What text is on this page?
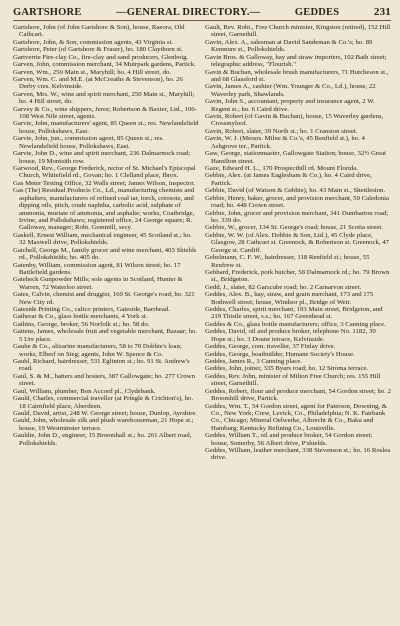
GARTSHORE	—GENERAL DIRECTORY.—	GEDDES	231

Gartshore, John (of John Gartshore & Son), house, Raeora, Old Cathcart.

Gartshore, John, & Son, commission agents, 43 Virginia st.

Gartshore, Peter (of Gartshore & Fraser), ho. 180 Claythorn st.

Gartverrie Fire-clay Co., fire-clay and sand producers, Glenboig.

Garven, John, commission merchant, 34 Muirpark gardens, Partick.

Garven, Wm., 250 Main st., Maryhill; ho. 4 Hill street, do.

Garven, Wm. C. and M.E. (at McCreaths & Stevenson), ho. 26 Derby cres. Kelvinside.

Garven, Mrs. W., wine and spirit merchant, 250 Main st., Maryhill; ho. 4 Hill street, do.

Garvey & Co., wine shippers, Jerez; Robertson & Baxter, Ltd., 106-108 West Nile street, agents.

Garvie, John, manufacturers' agent, 85 Queen st.; res. Newlandsfield house, Pollokshaws, East.

Garvie, John, jun., commission agent, 85 Queen st.; res. Newlandsfield house, Pollokshaws, East.

Garvie, John D., wine and spirit merchant, 236 Dalmarnock road; house, 19 Monteith row.

Garwood, Rev., George Frederick, rector of St. Michael's Episcopal Church, Whitefield rd., Govan; ho. 1 Clelland place, Ibrox.

Gas Meter Testing Office, 32 Walls street; James Wilson, inspector.

Gas (The) Residual Products Co., Ld., manufacturing chemists and asphalters, manufacturers of refined coal tar, torch, creosote, and dipping oils, pitch, crude naphtha, carbolic acid, sulphate of ammonia, muriate of ammonia, and asphalte; works, Coatbridge, Irvine, and Pollokshaws; registered office, 24 George square; R. Galloway, manager; Robt. Gemmill, secy.

Gaskell, Ernest William, mechanical engineer, 45 Scotland st.; ho. 32 Maxwell drive, Pollokshields.

Gatchell, George M., family grocer and wine merchant, 403 Shields rd., Pollokshields; ho. 405 do.

Gatenby, William, commission agent, 81 Wilson street; ho. 17 Battlefield gardens.

Gatebeck Gunpowder Mills; sole agents in Scotland, Hunter & Warren, 72 Waterloo street.

Gates, Calvin, chemist and druggist, 160 St. George's road; ho. 321 New City rd.

Gateside Printing Co., calico printers, Gateside, Barrhead.

Gatherar & Co., glass bottle merchants, 4 York st.

Gathins, George, broker, 56 Norfolk st.; ho. 58 do.

Gattens, James, wholesale fruit and vegetable merchant, Bazaar; ho. 5 Ure place.

Gauhe & Co., alizarine manufacturers, 58 to 70 Dobbie's loan; works, Elberf on Sieg; agents, John W. Spence & Co.

Gauhl, Richard, hairdresser, 531 Eglinton st.; ho. 91 St. Andrew's road.

Gaul, S. & M., hatters and hosiers, 387 Gallowgate; ho. 277 Crown street.

Gaul, William, plumber, Bon Accord pl., Clydebank.

Gauld, Charles, commercial traveller (at Pringle & Crichton's), ho. 18 Cairnfield place, Aberdeen.

Gauld, David, artist, 248 W. George street; house, Dunlop, Ayrshire.

Gauld, John, wholesale silk and plush warehouseman, 21 Hope st.; house, 19 Westminster terrace.

Gauldie, John D., engineer, 15 Broomhall st.; ho. 261 Albert road, Pollokshields.

Gault, Rev. Robt., Free Church minister, Kingston (retired), 152 Hill street, Garnethill.

Gavin, Alex. A., salesman at David Sandeman & Co.'s; ho. 89 Kenmure st., Pollokshields.

Gavin Bros. & Galloway, hay and straw importers, 102 Bath street; telegraphic address, "Flourish."

Gavin & Buchan, wholesale brush manufacturers, 71 Hutcheson st., and 68 Glassford st.

Gavin, James A., cashier (Wm. Younger & Co., Ld.), house, 22 Waverley park, Shawlands.

Gavin, John S., accountant, property and insurance agent, 2 W. Regent st.; ho. 6 Caird drive.

Gavin, Robert (of Gavin & Buchan), house, 15 Waverley gardens, Crossmyloof.

Gavin, Robert, slater, 39 North st.; ho. 1 Cranston street.

Gavin, W. J. (Messrs. Milne & Co.'s, 45 Renfield st.), ho. 4 Ashgrove ter., Partick.

Gaw, George, stationmaster, Gallowgate Station; house, 32½ Great Hamilton street.

Gaze, Edward H. L., 170 Prospecthill rd. Mount Florida.

Gebbie, Alex. (at James Eaglesham & Co.), ho. 4 Caird drive, Partick.

Gebbie, David (of Watson & Gebbie), ho. 43 Main st., Shettleston.

Gebbie, Henry, baker, grocer, and provision merchant, 59 Caledonia road; ho. 448 Crown street.

Gebbie, John, grocer and provision merchant, 341 Dumbarton road; ho. 339 do.

Gebbie, W., grocer, 134 St. George's road; house, 21 Scotia street.

Gebbie, W. W. (of Alex. Dobbie & Son, Ltd.), 45 Clyde place, Glasgow, 28 Cathcart st. Greenock, & Robertson st. Greenock, 47 George st. Cardiff.

Gebelmann, C. F. W., hairdresser, 118 Renfield st.; house, 55 Renfrew st.

Gebhard, Frederick, pork butcher, 58 Dalmarnock rd.; ho. 79 Brown st., Bridgeton.

Gedd, J., slater, 82 Garscube road; ho. 2 Carnarvon street.

Geddes, Alex. B., hay, straw, and grain merchant, 173 and 175 Bothwell street; house, Windsor pl., Bridge of Weir.

Geddes, Charles, spirit merchant, 193 Main street, Bridgeton, and 219 Thistle street, s.s.; ho. 167 Greenhead st.

Geddes & Co., glass bottle manufacturers; office, 3 Canning place.

Geddes, David, oil and produce broker, telephone No. 1182, 39 Hope st.; ho. 3 Doune terrace, Kelvinside.

Geddes, George, com. traveller, 37 Finlay drive.

Geddes, George, boatbuilder, Humane Society's House.

Geddes, James R., 3 Canning place.

Geddes, John, joiner, 335 Byars road; ho. 12 Stroma terrace.

Geddes, Rev. John, minister of Milton Free Church; res. 155 Hill street, Garnethill.

Geddes, Robert, flour and produce merchant, 54 Gordon street; ho. 2 Broomhill drive, Partick.

Geddes, Wm. T., 54 Gordon street, agent for Paterson, Downing, & Co., New York; Crew, Levick, Co., Philadelphia; N. K. Fairbank Co., Chicago; Mineral Oelwerke, Albrecht & Co., Baku and Hamburg; Kentucky Refining Co., Louisville.

Geddes, William T., oil and produce broker, 54 Gordon street; house, Somerby, 56 Albert drive, P'shields.

Geddes, William, leather merchant, 338 Stevenson st.; ho. 16 Roslea drive.
